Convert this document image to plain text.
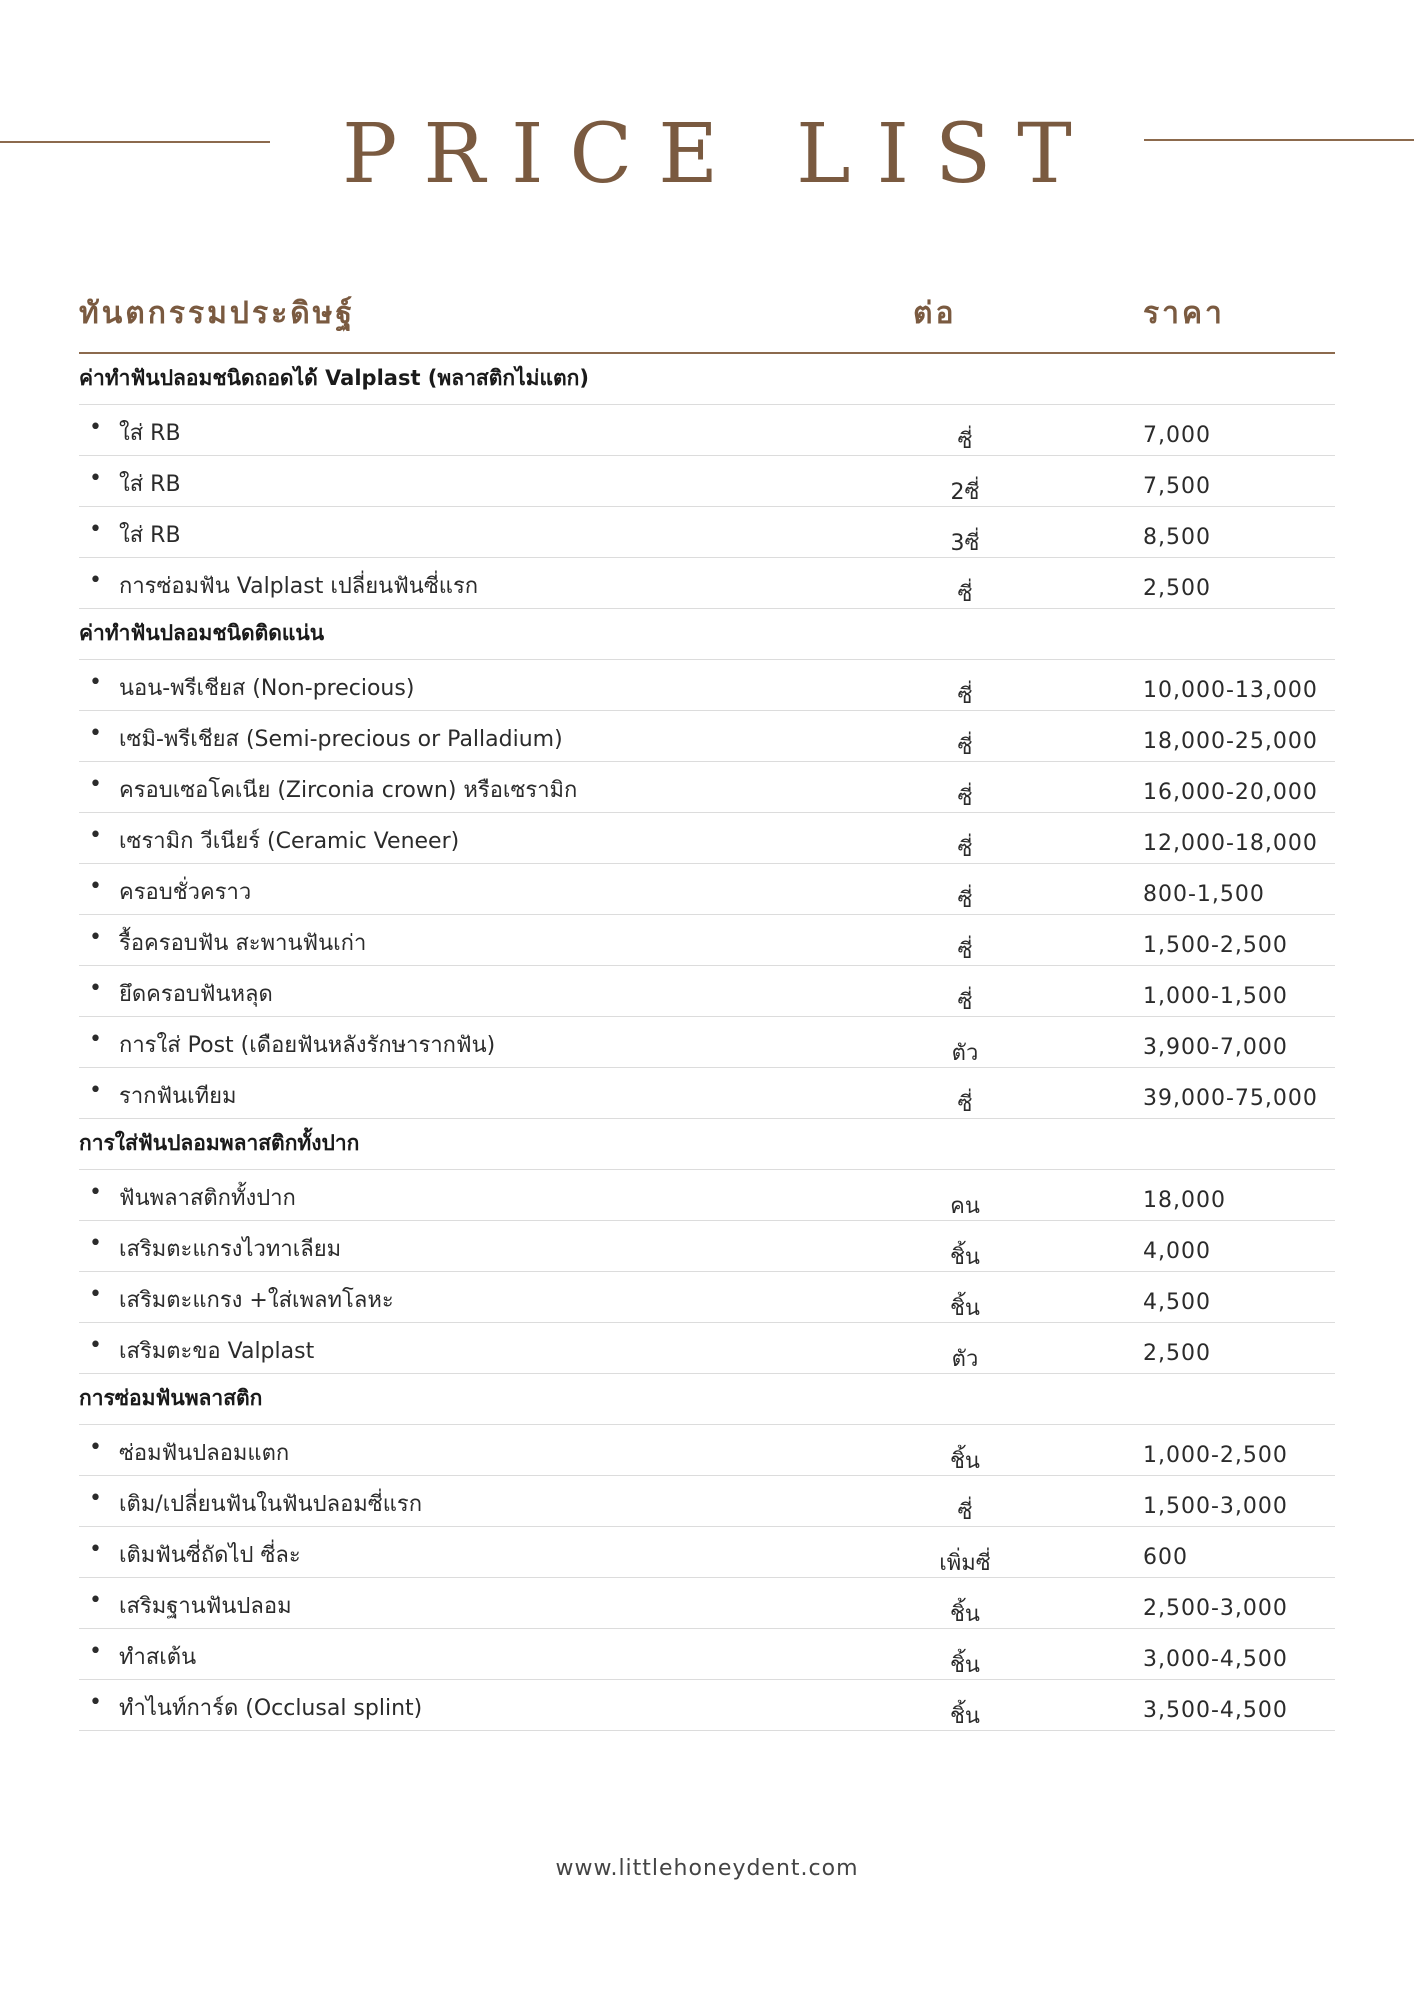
PRICE LIST
ทันตกรรมประดิษฐ์	ต่อ	ราคา
ค่าทำฟันปลอมชนิดถอดได้ Valplast (พลาสติกไม่แตก)
• ใส่ RB	ซี่	7,000
• ใส่ RB	2ซี่	7,500
• ใส่ RB	3ซี่	8,500
• การซ่อมฟัน Valplast เปลี่ยนฟันซี่แรก	ซี่	2,500
ค่าทำฟันปลอมชนิดติดแน่น
• นอน-พรีเชียส (Non-precious)	ซี่	10,000-13,000
• เซมิ-พรีเชียส (Semi-precious or Palladium)	ซี่	18,000-25,000
• ครอบเซอโคเนีย (Zirconia crown) หรือเซรามิก	ซี่	16,000-20,000
• เซรามิก วีเนียร์ (Ceramic Veneer)	ซี่	12,000-18,000
• ครอบชั่วคราว	ซี่	800-1,500
• รื้อครอบฟัน สะพานฟันเก่า	ซี่	1,500-2,500
• ยึดครอบฟันหลุด	ซี่	1,000-1,500
• การใส่ Post (เดือยฟันหลังรักษารากฟัน)	ตัว	3,900-7,000
• รากฟันเทียม	ซี่	39,000-75,000
การใส่ฟันปลอมพลาสติกทั้งปาก
• ฟันพลาสติกทั้งปาก	คน	18,000
• เสริมตะแกรงไวทาเลียม	ชิ้น	4,000
• เสริมตะแกรง +ใส่เพลทโลหะ	ชิ้น	4,500
• เสริมตะขอ Valplast	ตัว	2,500
การซ่อมฟันพลาสติก
• ซ่อมฟันปลอมแตก	ชิ้น	1,000-2,500
• เติม/เปลี่ยนฟันในฟันปลอมซี่แรก	ซี่	1,500-3,000
• เติมฟันซี่ถัดไป ซี่ละ	เพิ่มซี่	600
• เสริมฐานฟันปลอม	ชิ้น	2,500-3,000
• ทำสเต้น	ชิ้น	3,000-4,500
• ทำไนท์การ์ด (Occlusal splint)	ชิ้น	3,500-4,500
www.littlehoneydent.com
